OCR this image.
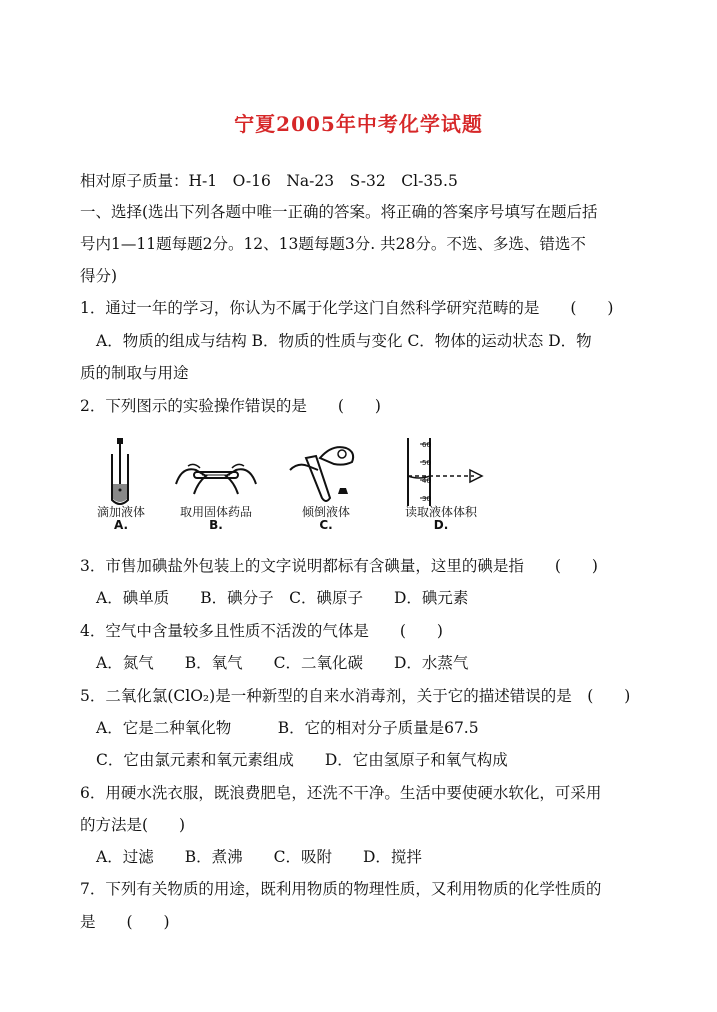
宁夏2005年中考化学试题
相对原子质量：H-1　O-16　Na-23　S-32　Cl-35.5
一、选择(选出下列各题中唯一正确的答案。将正确的答案序号填写在题后括
号内1—11题每题2分。12、13题每题3分. 共28分。不选、多选、错选不
得分)
1．通过一年的学习，你认为不属于化学这门自然科学研究范畴的是　　(　　)
A．物质的组成与结构 B．物质的性质与变化 C．物体的运动状态 D．物
质的制取与用途
2．下列图示的实验操作错误的是　　(　　)
滴加液体
A.
取用固体药品
B.
倾倒液体
C.
60
50
40
30
读取液体体积
D.
3．市售加碘盐外包装上的文字说明都标有含碘量，这里的碘是指　　(　　)
A．碘单质　　B．碘分子　C．碘原子　　D．碘元素
4．空气中含量较多且性质不活泼的气体是　　(　　)
A．氮气　　B．氧气　　C．二氧化碳　　D．水蒸气
5．二氧化氯(ClO₂)是一种新型的自来水消毒剂，关于它的描述错误的是　(　　)
A．它是二种氧化物　　　B．它的相对分子质量是67.5
C．它由氯元素和氧元素组成　　D．它由氢原子和氧气构成
6．用硬水洗衣服，既浪费肥皂，还洗不干净。生活中要使硬水软化，可采用
的方法是(　　)
A．过滤　　B．煮沸　　C．吸附　　D．搅拌
7．下列有关物质的用途，既利用物质的物理性质，又利用物质的化学性质的
是　　(　　)
